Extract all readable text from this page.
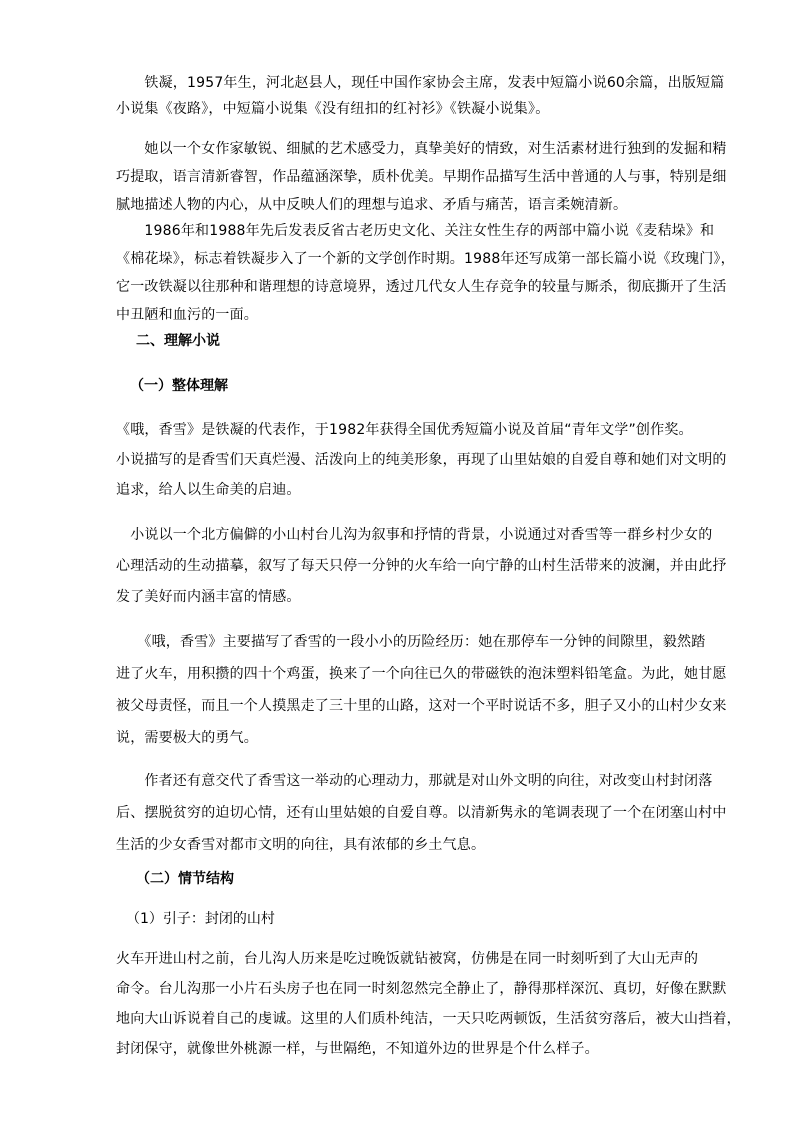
　　铁凝，1957年生，河北赵县人，现任中国作家协会主席，发表中短篇小说60余篇，出版短篇
小说集《夜路》，中短篇小说集《没有纽扣的红衬衫》《铁凝小说集》。
　　她以一个女作家敏锐、细腻的艺术感受力，真挚美好的情致，对生活素材进行独到的发掘和精
巧提取，语言清新睿智，作品蕴涵深挚，质朴优美。早期作品描写生活中普通的人与事，特别是细
腻地描述人物的内心，从中反映人们的理想与追求、矛盾与痛苦，语言柔婉清新。
　　1986年和1988年先后发表反省古老历史文化、关注女性生存的两部中篇小说《麦秸垛》和
《棉花垛》，标志着铁凝步入了一个新的文学创作时期。1988年还写成第一部长篇小说《玫瑰门》，
它一改铁凝以往那种和谐理想的诗意境界，透过几代女人生存竞争的较量与厮杀，彻底撕开了生活
中丑陋和血污的一面。
二、理解小说
（一）整体理解
《哦，香雪》是铁凝的代表作，于1982年获得全国优秀短篇小说及首届“青年文学”创作奖。
小说描写的是香雪们天真烂漫、活泼向上的纯美形象，再现了山里姑娘的自爱自尊和她们对文明的
追求，给人以生命美的启迪。
　小说以一个北方偏僻的小山村台儿沟为叙事和抒情的背景，小说通过对香雪等一群乡村少女的
心理活动的生动描摹，叙写了每天只停一分钟的火车给一向宁静的山村生活带来的波澜，并由此抒
发了美好而内涵丰富的情感。
　　《哦，香雪》主要描写了香雪的一段小小的历险经历：她在那停车一分钟的间隙里，毅然踏
进了火车，用积攒的四十个鸡蛋，换来了一个向往已久的带磁铁的泡沫塑料铅笔盒。为此，她甘愿
被父母责怪，而且一个人摸黑走了三十里的山路，这对一个平时说话不多，胆子又小的山村少女来
说，需要极大的勇气。
　　作者还有意交代了香雪这一举动的心理动力，那就是对山外文明的向往，对改变山村封闭落
后、摆脱贫穷的迫切心情，还有山里姑娘的自爱自尊。以清新隽永的笔调表现了一个在闭塞山村中
生活的少女香雪对都市文明的向往，具有浓郁的乡土气息。
（二）情节结构
（1）引子：封闭的山村
火车开进山村之前，台儿沟人历来是吃过晚饭就钻被窝，仿佛是在同一时刻听到了大山无声的
命令。台儿沟那一小片石头房子也在同一时刻忽然完全静止了，静得那样深沉、真切，好像在默默
地向大山诉说着自己的虔诚。这里的人们质朴纯洁，一天只吃两顿饭，生活贫穷落后，被大山挡着，
封闭保守，就像世外桃源一样，与世隔绝，不知道外边的世界是个什么样子。
